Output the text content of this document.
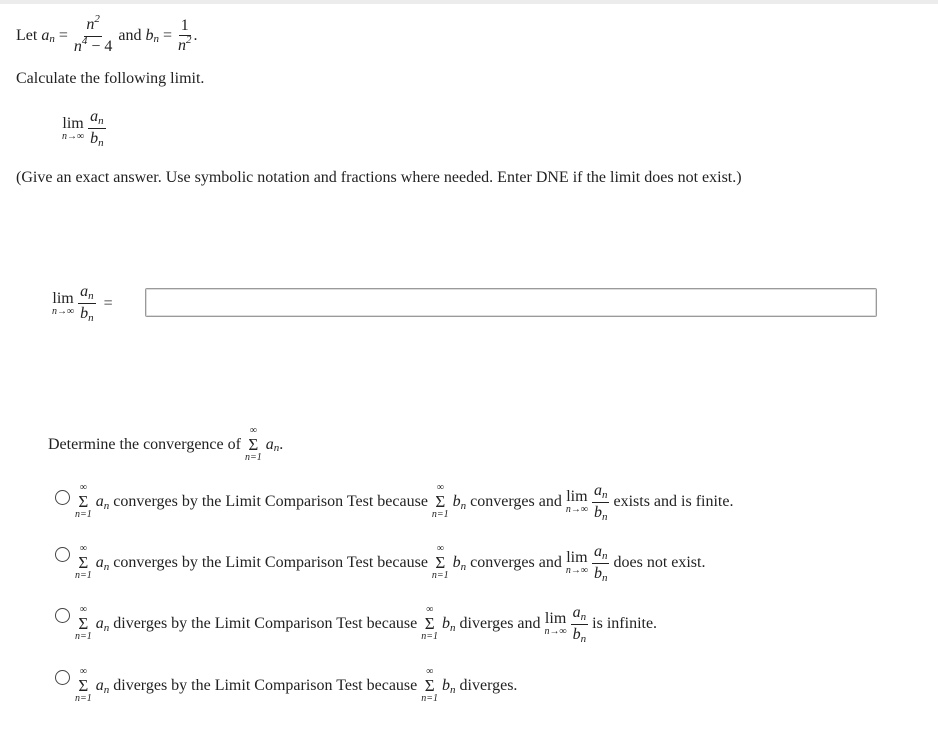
Let
a n
=
$\frac{n^2}{n^4 - 4}$
and
b n
=
$\frac{1}{n^2}$ .
Calculate the following limit.
lim
n→∞
$\frac{an}{bn}$
(Give an exact answer. Use symbolic notation and fractions where needed. Enter DNE if the limit does not exist.)
lim
n→∞
$\frac{an}{bn}$
=
Determine the convergence of

∞
Σ
n=1

a n .
∞
Σ
n=1
an converges by the Limit Comparison Test because
∞
Σ
n=1
bn converges and lim
$n\to\infty \frac{an}{bn}$ exists and is finite.
∞
Σ
n=1
an converges by the Limit Comparison Test because
∞
Σ
n=1
bn converges and lim
$n\to\infty \frac{an}{bn}$ does not exist.
∞
Σ
n=1
an diverges by the Limit Comparison Test because
∞
Σ
n=1
bn diverges and lim
$n\to\infty \frac{an}{bn}$ is infinite.
∞
Σ
n=1
an diverges by the Limit Comparison Test because
∞
Σ
n=1
bn diverges.
